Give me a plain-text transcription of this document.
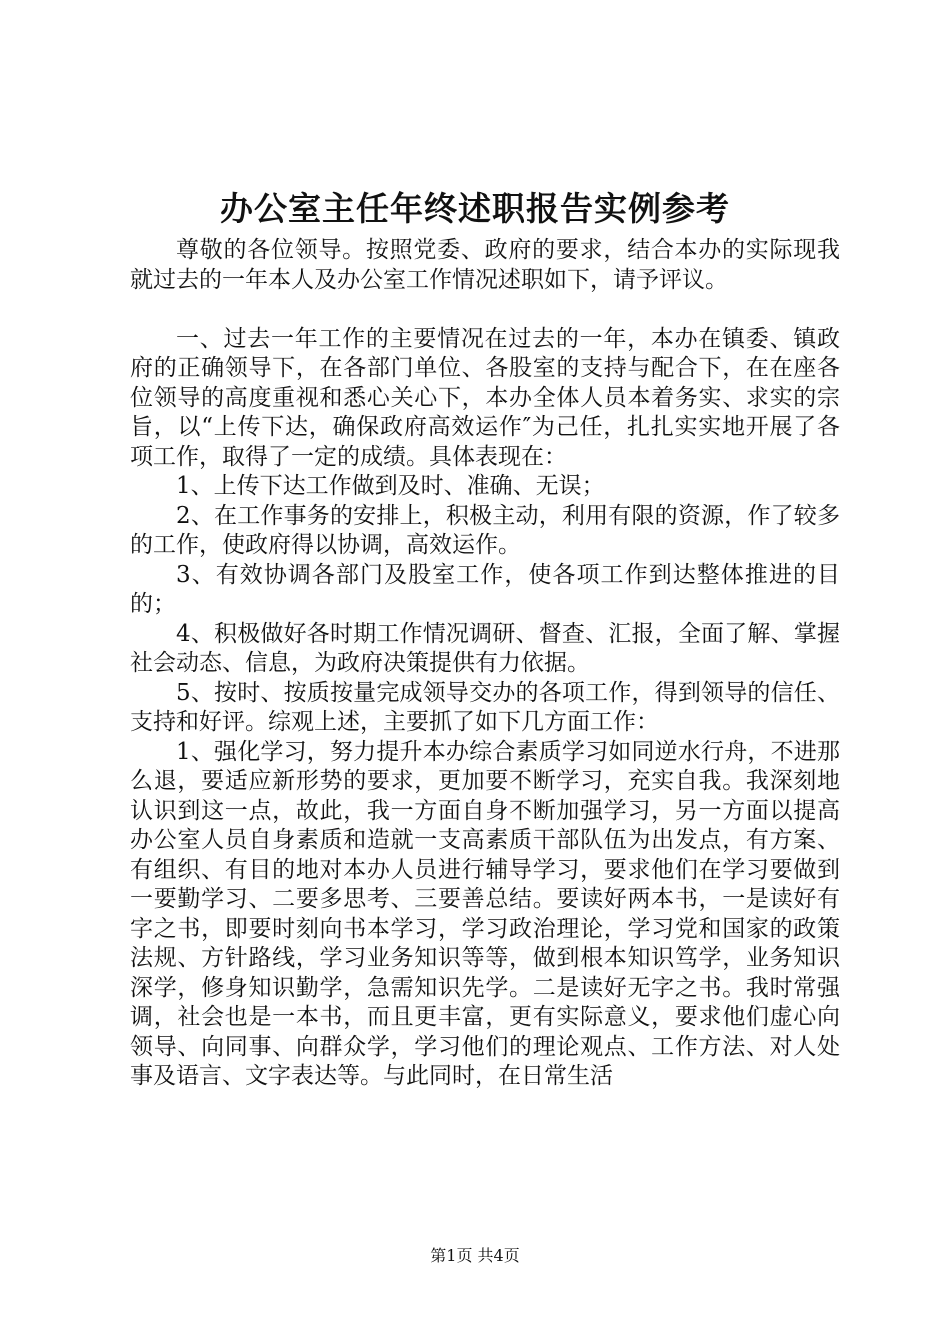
办公室主任年终述职报告实例参考

尊敬的各位领导。按照党委、政府的要求，结合本办的实际现我就过去的一年本人及办公室工作情况述职如下，请予评议。

一、过去一年工作的主要情况在过去的一年，本办在镇委、镇政府的正确领导下，在各部门单位、各股室的支持与配合下，在在座各位领导的高度重视和悉心关心下，本办全体人员本着务实、求实的宗旨，以“上传下达，确保政府高效运作″为己任，扎扎实实地开展了各项工作，取得了一定的成绩。具体表现在：

1、上传下达工作做到及时、准确、无误；

2、在工作事务的安排上，积极主动，利用有限的资源，作了较多的工作，使政府得以协调，高效运作。

3、有效协调各部门及股室工作，使各项工作到达整体推进的目的；

4、积极做好各时期工作情况调研、督查、汇报，全面了解、掌握社会动态、信息，为政府决策提供有力依据。

5、按时、按质按量完成领导交办的各项工作，得到领导的信任、支持和好评。综观上述，主要抓了如下几方面工作：

1、强化学习，努力提升本办综合素质学习如同逆水行舟，不进那么退，要适应新形势的要求，更加要不断学习，充实自我。我深刻地认识到这一点，故此，我一方面自身不断加强学习，另一方面以提高办公室人员自身素质和造就一支高素质干部队伍为出发点，有方案、有组织、有目的地对本办人员进行辅导学习，要求他们在学习要做到一要勤学习、二要多思考、三要善总结。要读好两本书，一是读好有字之书，即要时刻向书本学习，学习政治理论，学习党和国家的政策法规、方针路线，学习业务知识等等，做到根本知识笃学，业务知识深学，修身知识勤学，急需知识先学。二是读好无字之书。我时常强调，社会也是一本书，而且更丰富，更有实际意义，要求他们虚心向领导、向同事、向群众学，学习他们的理论观点、工作方法、对人处事及语言、文字表达等。与此同时，在日常生活

第1页 共4页
